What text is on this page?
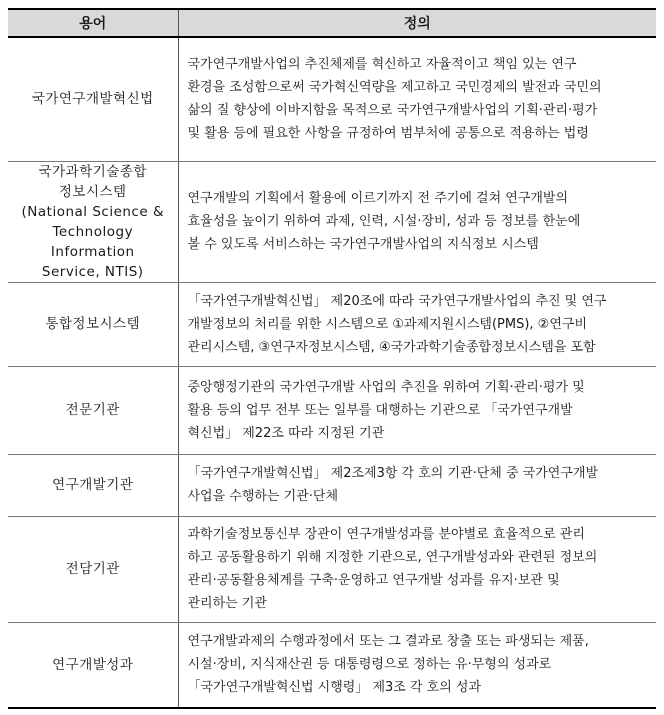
용어	정의

국가연구개발혁신법	국가연구개발사업의 추진체제를 혁신하고 자율적이고 책임 있는 연구
환경을 조성함으로써 국가혁신역량을 제고하고 국민경제의 발전과 국민의
삶의 질 향상에 이바지함을 목적으로 국가연구개발사업의 기획·관리·평가
및 활용 등에 필요한 사항을 규정하여 범부처에 공통으로 적용하는 법령

국가과학기술종합
정보시스템
(National Science &
Technology Information
Service, NTIS)	연구개발의 기획에서 활용에 이르기까지 전 주기에 걸쳐 연구개발의
효율성을 높이기 위하여 과제, 인력, 시설·장비, 성과 등 정보를 한눈에
볼 수 있도록 서비스하는 국가연구개발사업의 지식정보 시스템

통합정보시스템	「국가연구개발혁신법」 제20조에 따라 국가연구개발사업의 추진 및 연구
개발정보의 처리를 위한 시스템으로 ①과제지원시스템(PMS), ②연구비
관리시스템, ③연구자정보시스템, ④국가과학기술종합정보시스템을 포함

전문기관	중앙행정기관의 국가연구개발 사업의 추진을 위하여 기획·관리·평가 및
활용 등의 업무 전부 또는 일부를 대행하는 기관으로 「국가연구개발
혁신법」 제22조 따라 지정된 기관

연구개발기관	「국가연구개발혁신법」 제2조제3항 각 호의 기관·단체 중 국가연구개발
사업을 수행하는 기관·단체

전담기관	과학기술정보통신부 장관이 연구개발성과를 분야별로 효율적으로 관리
하고 공동활용하기 위해 지정한 기관으로, 연구개발성과와 관련된 정보의
관리·공동활용체계를 구축·운영하고 연구개발 성과를 유지·보관 및
관리하는 기관

연구개발성과	연구개발과제의 수행과정에서 또는 그 결과로 창출 또는 파생되는 제품,
시설·장비, 지식재산권 등 대통령령으로 정하는 유·무형의 성과로
「국가연구개발혁신법 시행령」 제3조 각 호의 성과
